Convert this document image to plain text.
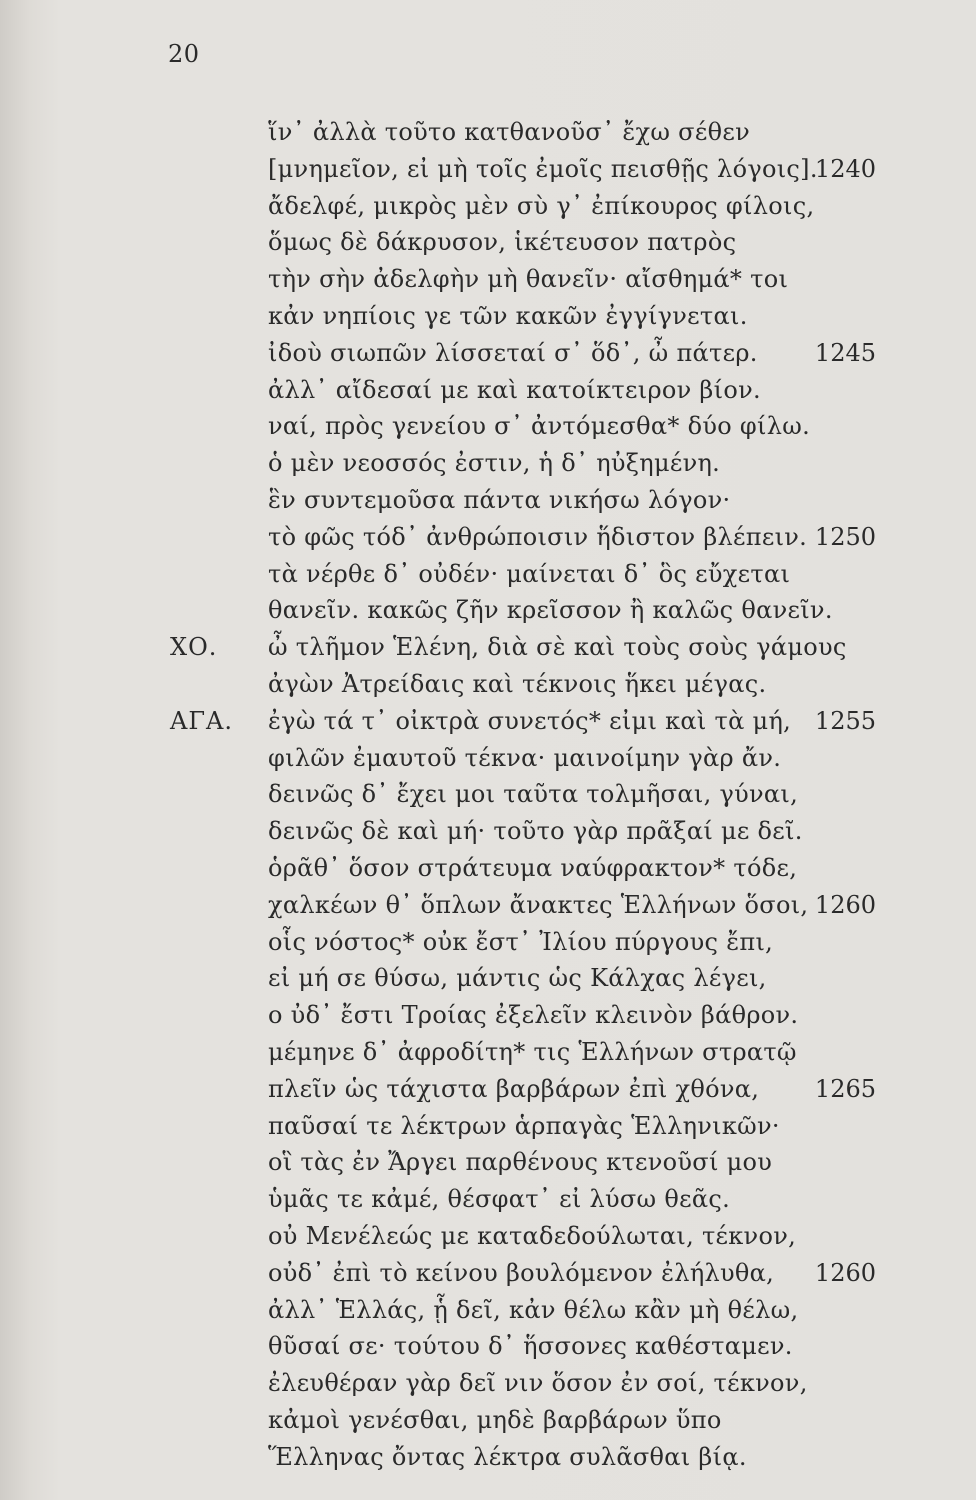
20
ἵν᾿ ἀλλὰ τοῦτο κατθανοῦσ᾿ ἔχω σέθεν
[μνημεῖον, εἰ μὴ τοῖς ἐμοῖς πεισθῇς λόγοις].
1240
ἄδελφέ, μικρὸς μὲν σὺ γ᾿ ἐπίκουρος φίλοις,
ὅμως δὲ δάκρυσον, ἱκέτευσον πατρὸς
τὴν σὴν ἀδελφὴν μὴ θανεῖν· αἴσθημά* τοι
κἀν νηπίοις γε τῶν κακῶν ἐγγίγνεται.
ἰδοὺ σιωπῶν λίσσεταί σ᾿ ὅδ᾿, ὦ πάτερ. 1245
ἀλλ᾿ αἴδεσαί με καὶ κατοίκτειρον βίον.
ναί, πρὸς γενείου σ᾿ ἀντόμεσθα* δύο φίλω.
ὁ μὲν νεοσσός ἐστιν, ἡ δ᾿ ηὐξημένη.
ἓν συντεμοῦσα πάντα νικήσω λόγον·
τὸ φῶς τόδ᾿ ἀνθρώποισιν ἥδιστον βλέπειν. 1250
τὰ νέρθε δ᾿ οὐδέν· μαίνεται δ᾿ ὃς εὔχεται
θανεῖν. κακῶς ζῆν κρεῖσσον ἢ καλῶς θανεῖν.
ΧΟ. ὦ τλῆμον Ἑλένη, διὰ σὲ καὶ τοὺς σοὺς γάμους
ἀγὼν Ἀτρείδαις καὶ τέκνοις ἥκει μέγας.
ΑΓΑ. ἐγὼ τά τ᾿ οἰκτρὰ συνετός* εἰμι καὶ τὰ μή, 1255
φιλῶν ἐμαυτοῦ τέκνα· μαινοίμην γὰρ ἄν.
δεινῶς δ᾿ ἔχει μοι ταῦτα τολμῆσαι, γύναι,
δεινῶς δὲ καὶ μή· τοῦτο γὰρ πρᾶξαί με δεῖ.
ὁρᾶθ᾿ ὅσον στράτευμα ναύφρακτον* τόδε,
χαλκέων θ᾿ ὅπλων ἄνακτες Ἑλλήνων ὅσοι, 1260
οἷς νόστος* οὐκ ἔστ᾿ Ἰλίου πύργους ἔπι,
εἰ μή σε θύσω, μάντις ὡς Κάλχας λέγει,
ο ὐδ᾿ ἔστι Τροίας ἐξελεῖν κλεινὸν βάθρον.
μέμηνε δ᾿ ἀφροδίτη* τις Ἑλλήνων στρατῷ
πλεῖν ὡς τάχιστα βαρβάρων ἐπὶ χθόνα, 1265
παῦσαί τε λέκτρων ἁρπαγὰς Ἑλληνικῶν·
οἳ τὰς ἐν Ἄργει παρθένους κτενοῦσί μου
ὑμᾶς τε κἀμέ, θέσφατ᾿ εἰ λύσω θεᾶς.
οὐ Μενέλεώς με καταδεδούλωται, τέκνον,
οὐδ᾿ ἐπὶ τὸ κείνου βουλόμενον ἐλήλυθα, 1260
ἀλλ᾿ Ἑλλάς, ᾗ δεῖ, κἀν θέλω κἂν μὴ θέλω,
θῦσαί σε· τούτου δ᾿ ἥσσονες καθέσταμεν.
ἐλευθέραν γὰρ δεῖ νιν ὅσον ἐν σοί, τέκνον,
κἀμοὶ γενέσθαι, μηδὲ βαρβάρων ὕπο
Ἕλληνας ὄντας λέκτρα συλᾶσθαι βίᾳ.
